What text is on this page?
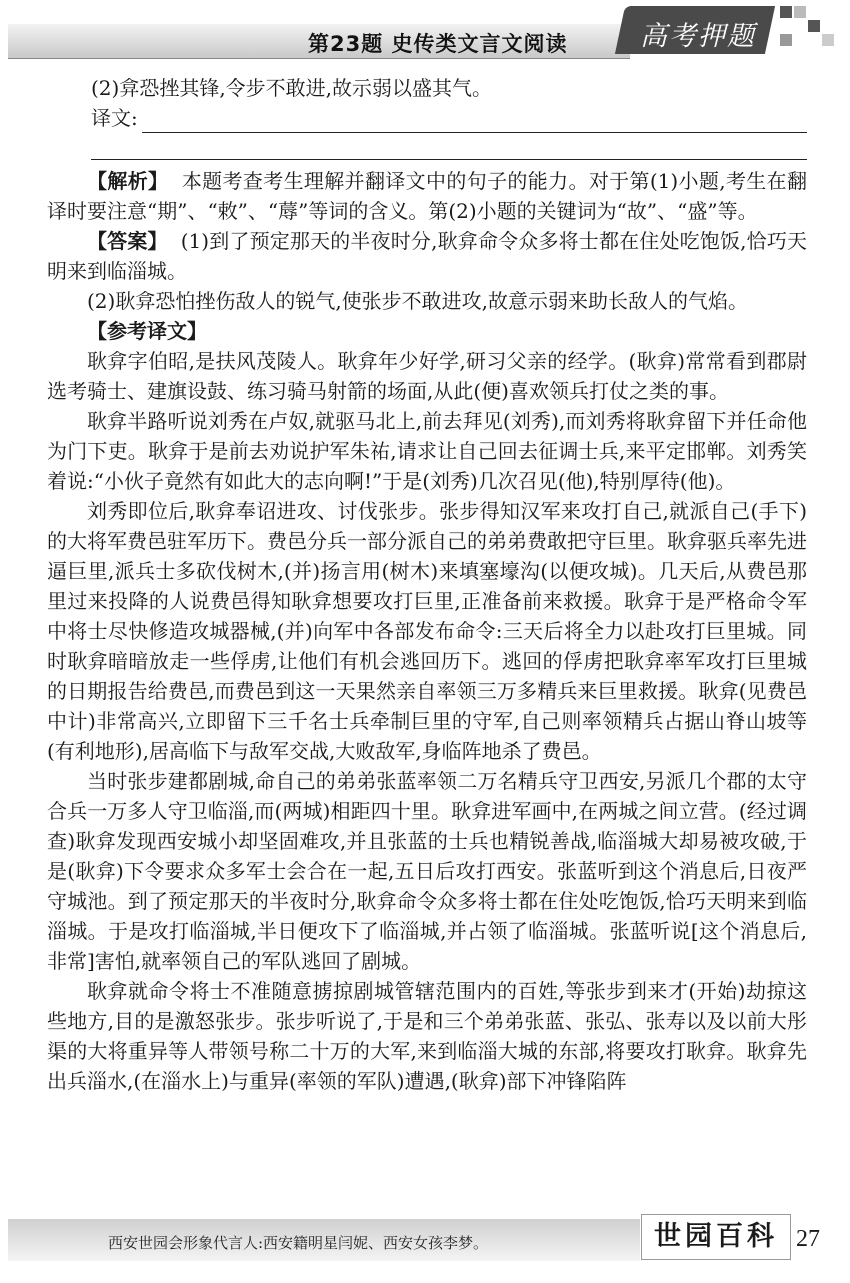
第23题 史传类文言文阅读	高考押题

(2)弇恐挫其锋,令步不敢进,故示弱以盛其气。

译文:

【解析】 本题考查考生理解并翻译文中的句子的能力。对于第(1)小题,考生在翻译时要注意“期”、“敕”、“蓐”等词的含义。第(2)小题的关键词为“故”、“盛”等。

【答案】 (1)到了预定那天的半夜时分,耿弇命令众多将士都在住处吃饱饭,恰巧天明来到临淄城。

(2)耿弇恐怕挫伤敌人的锐气,使张步不敢进攻,故意示弱来助长敌人的气焰。

【参考译文】

耿弇字伯昭,是扶风茂陵人。耿弇年少好学,研习父亲的经学。(耿弇)常常看到郡尉选考骑士、建旗设鼓、练习骑马射箭的场面,从此(便)喜欢领兵打仗之类的事。

耿弇半路听说刘秀在卢奴,就驱马北上,前去拜见(刘秀),而刘秀将耿弇留下并任命他为门下吏。耿弇于是前去劝说护军朱祐,请求让自己回去征调士兵,来平定邯郸。刘秀笑着说:“小伙子竟然有如此大的志向啊!”于是(刘秀)几次召见(他),特别厚待(他)。

刘秀即位后,耿弇奉诏进攻、讨伐张步。张步得知汉军来攻打自己,就派自己(手下)的大将军费邑驻军历下。费邑分兵一部分派自己的弟弟费敢把守巨里。耿弇驱兵率先进逼巨里,派兵士多砍伐树木,(并)扬言用(树木)来填塞壕沟(以便攻城)。几天后,从费邑那里过来投降的人说费邑得知耿弇想要攻打巨里,正准备前来救援。耿弇于是严格命令军中将士尽快修造攻城器械,(并)向军中各部发布命令:三天后将全力以赴攻打巨里城。同时耿弇暗暗放走一些俘虏,让他们有机会逃回历下。逃回的俘虏把耿弇率军攻打巨里城的日期报告给费邑,而费邑到这一天果然亲自率领三万多精兵来巨里救援。耿弇(见费邑中计)非常高兴,立即留下三千名士兵牵制巨里的守军,自己则率领精兵占据山脊山坡等(有利地形),居高临下与敌军交战,大败敌军,身临阵地杀了费邑。

当时张步建都剧城,命自己的弟弟张蓝率领二万名精兵守卫西安,另派几个郡的太守合兵一万多人守卫临淄,而(两城)相距四十里。耿弇进军画中,在两城之间立营。(经过调查)耿弇发现西安城小却坚固难攻,并且张蓝的士兵也精锐善战,临淄城大却易被攻破,于是(耿弇)下令要求众多军士会合在一起,五日后攻打西安。张蓝听到这个消息后,日夜严守城池。到了预定那天的半夜时分,耿弇命令众多将士都在住处吃饱饭,恰巧天明来到临淄城。于是攻打临淄城,半日便攻下了临淄城,并占领了临淄城。张蓝听说[这个消息后,非常]害怕,就率领自己的军队逃回了剧城。

耿弇就命令将士不准随意掳掠剧城管辖范围内的百姓,等张步到来才(开始)劫掠这些地方,目的是激怒张步。张步听说了,于是和三个弟弟张蓝、张弘、张寿以及以前大彤渠的大将重异等人带领号称二十万的大军,来到临淄大城的东部,将要攻打耿弇。耿弇先出兵淄水,(在淄水上)与重异(率领的军队)遭遇,(耿弇)部下冲锋陷阵

西安世园会形象代言人:西安籍明星闫妮、西安女孩李梦。	世园百科 27
